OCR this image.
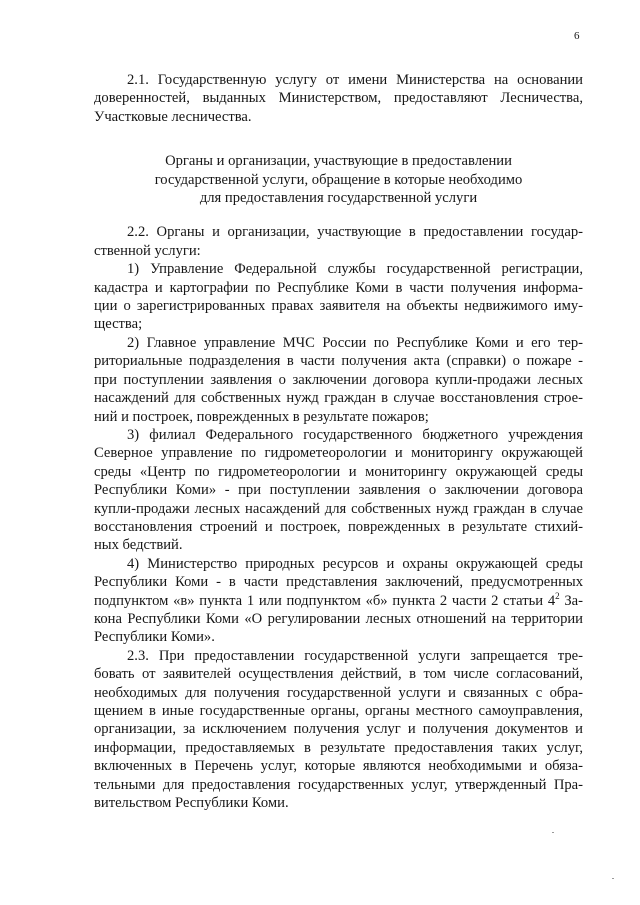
6
2.1. Государственную услугу от имени Министерства на основании
доверенностей, выданных Министерством, предоставляют Лесничества,
Участковые лесничества.
Органы и организации, участвующие в предоставлении
государственной услуги, обращение в которые необходимо
для предоставления государственной услуги
2.2. Органы и организации, участвующие в предоставлении государ-
ственной услуги:
1) Управление Федеральной службы государственной регистрации,
кадастра и картографии по Республике Коми в части получения информа-
ции о зарегистрированных правах заявителя на объекты недвижимого иму-
щества;
2) Главное управление МЧС России по Республике Коми и его тер-
риториальные подразделения в части получения акта (справки) о пожаре -
при поступлении заявления о заключении договора купли-продажи лесных
насаждений для собственных нужд граждан в случае восстановления строе-
ний и построек, поврежденных в результате пожаров;
3) филиал Федерального государственного бюджетного учреждения
Северное управление по гидрометеорологии и мониторингу окружающей
среды «Центр по гидрометеорологии и мониторингу окружающей среды
Республики Коми» - при поступлении заявления о заключении договора
купли-продажи лесных насаждений для собственных нужд граждан в случае
восстановления строений и построек, поврежденных в результате стихий-
ных бедствий.
4) Министерство природных ресурсов и охраны окружающей среды
Республики Коми - в части представления заключений, предусмотренных
подпунктом «в» пункта 1 или подпунктом «б» пункта 2 части 2 статьи $4^2$ За-
кона Республики Коми «О регулировании лесных отношений на территории
Республики Коми».
2.3. При предоставлении государственной услуги запрещается тре-
бовать от заявителей осуществления действий, в том числе согласований,
необходимых для получения государственной услуги и связанных с обра-
щением в иные государственные органы, органы местного самоуправления,
организации, за исключением получения услуг и получения документов и
информации, предоставляемых в результате предоставления таких услуг,
включенных в Перечень услуг, которые являются необходимыми и обяза-
тельными для предоставления государственных услуг, утвержденный Пра-
вительством Республики Коми.
